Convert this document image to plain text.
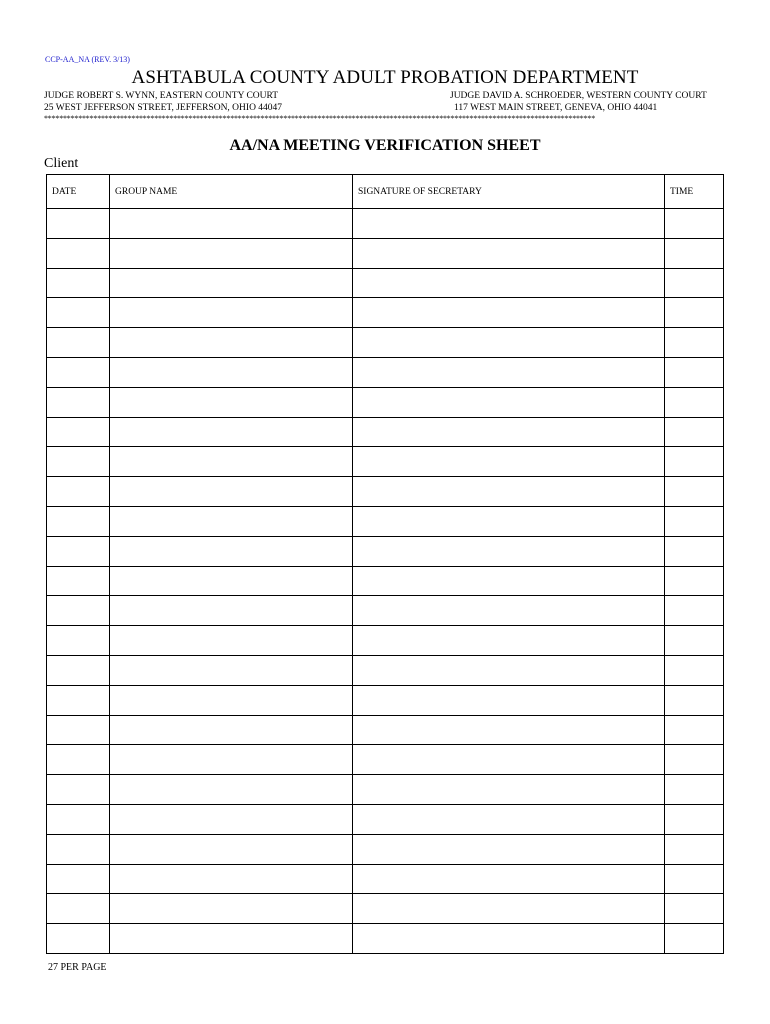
CCP-AA_NA (REV. 3/13)
ASHTABULA COUNTY ADULT PROBATION DEPARTMENT
JUDGE ROBERT S. WYNN, EASTERN COUNTY COURT
25 WEST JEFFERSON STREET, JEFFERSON, OHIO 44047
JUDGE DAVID A. SCHROEDER, WESTERN COUNTY COURT
117 WEST MAIN STREET, GENEVA, OHIO 44041
*************************************************************************************************************************************************
AA/NA MEETING VERIFICATION SHEET
Client
DATE	GROUP NAME	SIGNATURE OF SECRETARY	TIME

27 PER PAGE
